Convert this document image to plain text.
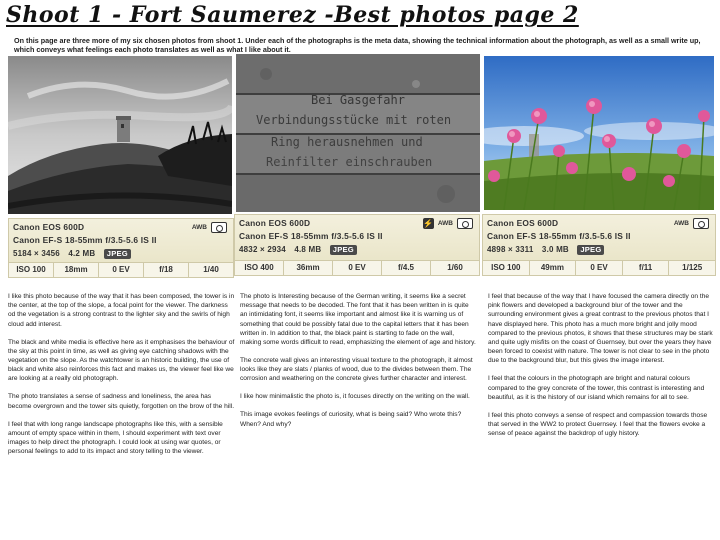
Shoot 1 - Fort Saumerez -Best photos page 2
On this page are three more of my six chosen photos from shoot 1. Under each of the photographs is the meta data, showing the technical information about the photograph, as well as a small write up, which conveys what feelings each photo translates as well as what I like about it.
Bei Gasgefahr
Verbindungsstücke mit roten
Ring herausnehmen und
Reinfilter einschrauben
Canon EOS 600D	AWB
Canon EF-S 18-55mm f/3.5-5.6 IS II
5184 × 3456 4.2 MB JPEG
ISO 100	18mm	0 EV	f/18	1/40
Canon EOS 600D	⚡ AWB
Canon EF-S 18-55mm f/3.5-5.6 IS II
4832 × 2934 4.8 MB JPEG
ISO 400	36mm	0 EV	f/4.5	1/60
Canon EOS 600D	AWB
Canon EF-S 18-55mm f/3.5-5.6 IS II
4898 × 3311 3.0 MB JPEG
ISO 100	49mm	0 EV	f/11	1/125

I like this photo because of the way that it has been composed, the tower is in the center, at the top of the slope, a focal point for the viewer. The darkness od the vegetation is a strong contrast to the lighter sky and the swirls of high cloud add interest.

The black and white media is effective here as it emphasises the behaviour of the sky at this point in time, as well as giving eye catching shadows with the vegetation on the slope. As the watchtower is an historic building, the use of black and white also reinforces this fact and makes us, the viewer feel like we are looking at a really old photograph.

The photo translates a sense of sadness and loneliness, the area has become overgrown and the tower sits quietly, forgotten on the brow of the hill.

I feel that with long range landscape photographs like this, with a sensible amount of empty space within in them, I should experiment with text over images to help direct the photograph. I could look at using war quotes, or personal feelings to add to its impact and story telling to the viewer.

The photo is Interesting because of the German writing, it seems like a secret message that needs to be decoded. The font that it has been written in is quite an intimidating font, it seems like important and almost like it is warning us of something that could be possibly fatal due to the capital letters that it has been written in. In addition to that, the black paint is starting to fade on the wall, making some words difficult to read, emphasizing the element of age and history.

The concrete wall gives an interesting visual texture to the photograph, it almost looks like they are slats / planks of wood, due to the divides between them. The corrosion and weathering on the concrete gives further character and interest.

I like how minimalistic the photo is, it focuses directly on the writing on the wall.

This image evokes feelings of curiosity, what is being said? Who wrote this? When? And why?

I feel that because of the way that I have focused the camera directly on the pink flowers and developed a background blur of the tower and the surrounding environment gives a great contrast to the previous photos that I have displayed here. This photo has a much more bright and jolly mood compared to the previous photos, it shows that these structures may be stark and quite ugly misfits on the coast of Guernsey, but over the years they have been forced to coexist with nature. The tower is not clear to see in the photo due to the background blur, but this gives the image interest.

I feel that the colours in the photograph are bright and natural colours compared to the grey concrete of the tower, this contrast is interesting and beautiful, as it is the history of our island which remains for all to see.

I feel this photo conveys a sense of respect and compassion towards those that served in the WW2 to protect Guernsey. I feel that the flowers evoke a sense of peace against the backdrop of ugly history.
